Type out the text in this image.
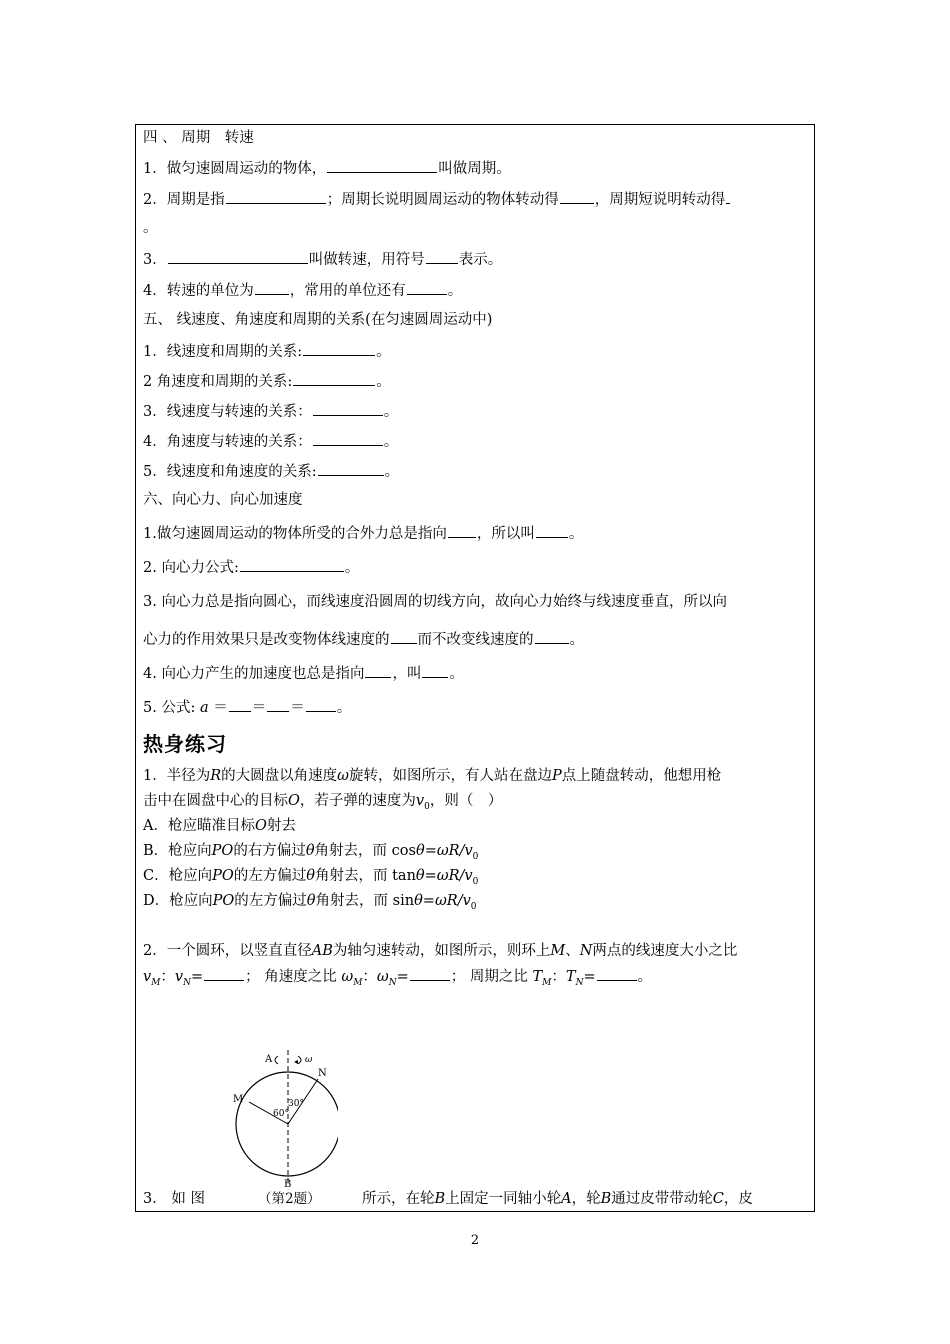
四 、 周期　转速
1．做匀速圆周运动的物体，	叫做周期。
2．周期是指	；周期长说明圆周运动的物体转动得 ，周期短说明转动得
。
3．	叫做转速，用符号 表示。
4．转速的单位为 ，常用的单位还有	。
五、 线速度、角速度和周期的关系(在匀速圆周运动中)
1．线速度和周期的关系:	。
2 角速度和周期的关系:	。
3．线速度与转速的关系：	。
4．角速度与转速的关系：	。
5．线速度和角速度的关系:	。
六、向心力、向心加速度
1.做匀速圆周运动的物体所受的合外力总是指向 ，所以叫 。
2. 向心力公式:	。
3. 向心力总是指向圆心，而线速度沿圆周的切线方向，故向心力始终与线速度垂直，所以向
心力的作用效果只是改变物体线速度的 而不改变线速度的 。
4. 向心力产生的加速度也总是指向 ，叫 。
5. 公式: a ＝ ＝ ＝ 。
热身练习
1．半径为R的大圆盘以角速度ω旋转，如图所示，有人站在盘边P点上随盘转动，他想用枪
击中在圆盘中心的目标O，若子弹的速度为$v_0$，则（　）
A．枪应瞄准目标O射去
B．枪应向PO的右方偏过θ角射去，而 $\cos\theta=\omega R/v_0$
C．枪应向PO的左方偏过θ角射去，而 $\tan\theta=\omega R/v_0$
D．枪应向PO的左方偏过θ角射去，而 $\sin\theta=\omega R/v_0$
2．一个圆环，以竖直直径AB为轴匀速转动，如图所示，则环上M、N两点的线速度大小之比
$v_M$：$v_N=$	； 角速度之比 $\omega_M$：$\omega_N=$	； 周期之比 $T_M$：$T_N=$	。
A	ω
N
M	30°
60°
B
3． 如 图	（第2题）	所示，在轮B上固定一同轴小轮A，轮B通过皮带带动轮C，皮
2
